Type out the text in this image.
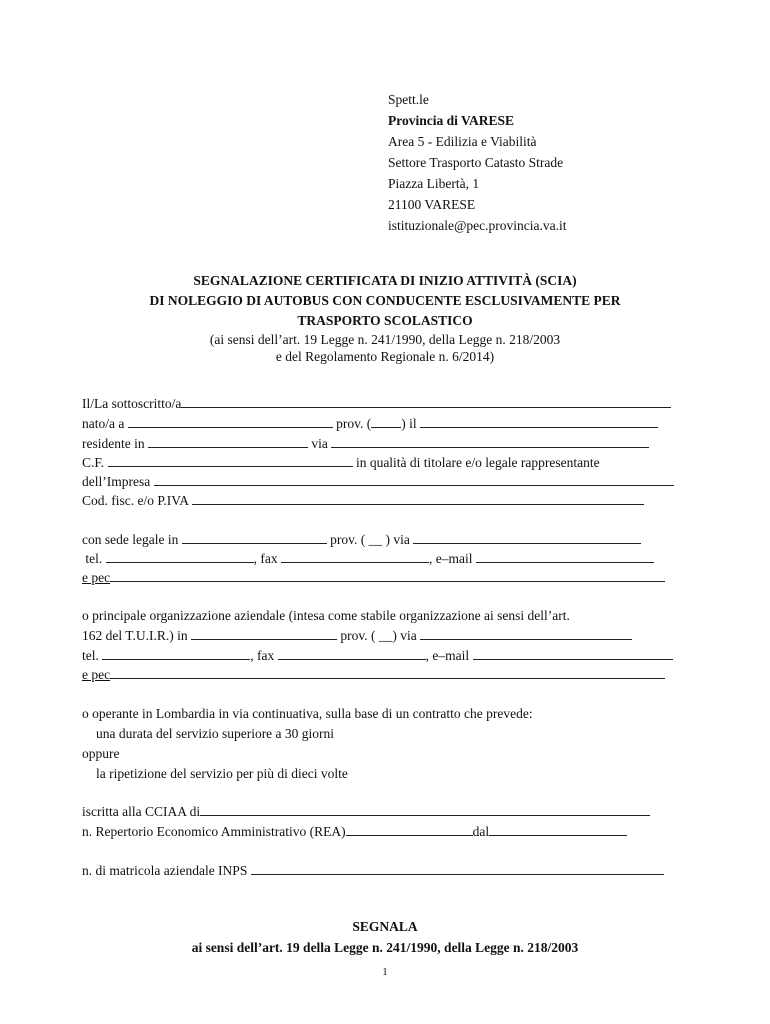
Spett.le
Provincia di VARESE
Area 5 - Edilizia e Viabilità
Settore Trasporto Catasto Strade
Piazza Libertà, 1
21100 VARESE
istituzionale@pec.provincia.va.it
SEGNALAZIONE CERTIFICATA DI INIZIO ATTIVITÀ (SCIA)
DI NOLEGGIO DI AUTOBUS CON CONDUCENTE ESCLUSIVAMENTE PER
TRASPORTO SCOLASTICO
(ai sensi dell’art. 19 Legge n. 241/1990, della Legge n. 218/2003
e del Regolamento Regionale n. 6/2014)
Il/La sottoscritto/a
nato/a a	prov. ( ) il
residente in	via
C.F.	in qualità di titolare e/o legale rappresentante
dell’Impresa
Cod. fisc. e/o P.IVA
con sede legale in	prov. ( __ ) via
tel.	, fax	, e–mail
e pec
o principale organizzazione aziendale (intesa come stabile organizzazione ai sensi dell’art.
162 del T.U.I.R.) in	prov. ( __) via
tel.	, fax	, e–mail
e pec
o operante in Lombardia in via continuativa, sulla base di un contratto che prevede:
una durata del servizio superiore a 30 giorni
oppure
la ripetizione del servizio per più di dieci volte
iscritta alla CCIAA di
n. Repertorio Economico Amministrativo (REA)	dal
n. di matricola aziendale INPS
SEGNALA
ai sensi dell’art. 19 della Legge n. 241/1990, della Legge n. 218/2003
1
